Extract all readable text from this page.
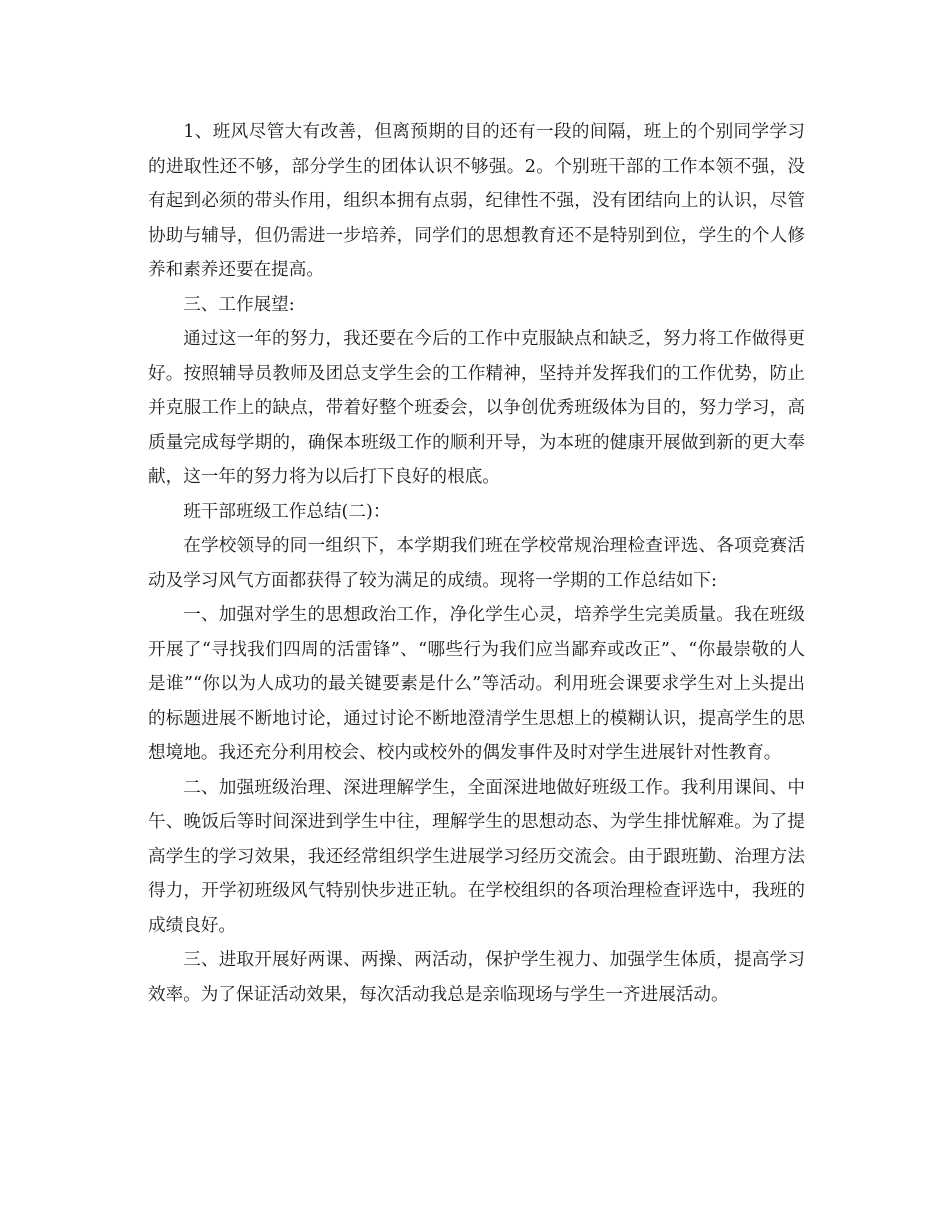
1、班风尽管大有改善，但离预期的目的还有一段的间隔，班上的个别同学学习的进取性还不够，部分学生的团体认识不够强。2。个别班干部的工作本领不强，没有起到必须的带头作用，组织本拥有点弱，纪律性不强，没有团结向上的认识，尽管协助与辅导，但仍需进一步培养，同学们的思想教育还不是特别到位，学生的个人修养和素养还要在提高。

三、工作展望:

通过这一年的努力，我还要在今后的工作中克服缺点和缺乏，努力将工作做得更好。按照辅导员教师及团总支学生会的工作精神，坚持并发挥我们的工作优势，防止并克服工作上的缺点，带着好整个班委会，以争创优秀班级体为目的，努力学习，高质量完成每学期的，确保本班级工作的顺利开导，为本班的健康开展做到新的更大奉献，这一年的努力将为以后打下良好的根底。

班干部班级工作总结(二)：

在学校领导的同一组织下，本学期我们班在学校常规治理检查评选、各项竞赛活动及学习风气方面都获得了较为满足的成绩。现将一学期的工作总结如下:

一、加强对学生的思想政治工作，净化学生心灵，培养学生完美质量。我在班级开展了“寻找我们四周的活雷锋”、“哪些行为我们应当鄙弃或改正”、“你最崇敬的人是谁”“你以为人成功的最关键要素是什么”等活动。利用班会课要求学生对上头提出的标题进展不断地讨论，通过讨论不断地澄清学生思想上的模糊认识，提高学生的思想境地。我还充分利用校会、校内或校外的偶发事件及时对学生进展针对性教育。

二、加强班级治理、深进理解学生，全面深进地做好班级工作。我利用课间、中午、晚饭后等时间深进到学生中往，理解学生的思想动态、为学生排忧解难。为了提高学生的学习效果，我还经常组织学生进展学习经历交流会。由于跟班勤、治理方法得力，开学初班级风气特别快步进正轨。在学校组织的各项治理检查评选中，我班的成绩良好。

三、进取开展好两课、两操、两活动，保护学生视力、加强学生体质，提高学习效率。为了保证活动效果，每次活动我总是亲临现场与学生一齐进展活动。
